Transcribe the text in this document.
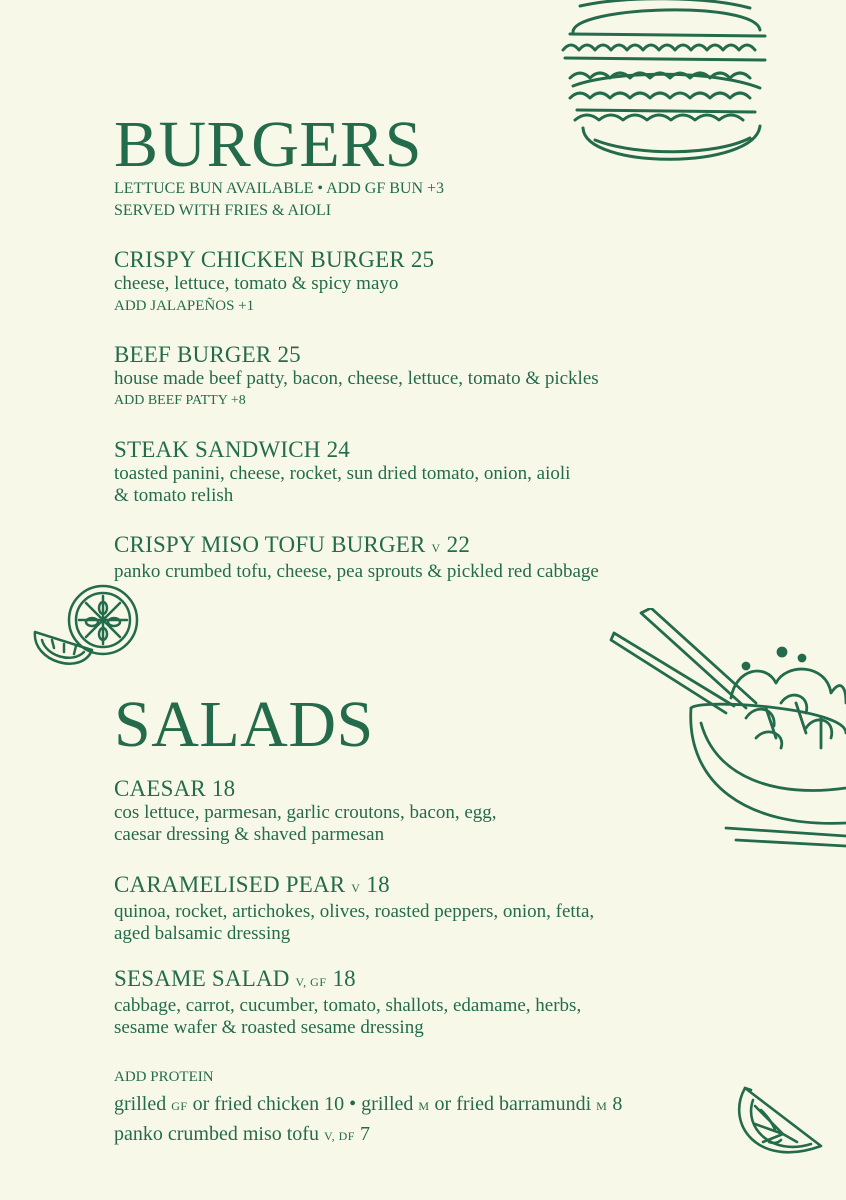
BURGERS
LETTUCE BUN AVAILABLE • ADD GF BUN +3
SERVED WITH FRIES & AIOLI
CRISPY CHICKEN BURGER 25
cheese, lettuce, tomato & spicy mayo
ADD JALAPEÑOS +1
BEEF BURGER 25
house made beef patty, bacon, cheese, lettuce, tomato & pickles
ADD BEEF PATTY +8
STEAK SANDWICH 24
toasted panini, cheese, rocket, sun dried tomato, onion, aioli
& tomato relish
CRISPY MISO TOFU BURGER V 22
panko crumbed tofu, cheese, pea sprouts & pickled red cabbage
SALADS
CAESAR 18
cos lettuce, parmesan, garlic croutons, bacon, egg,
caesar dressing & shaved parmesan
CARAMELISED PEAR V 18
quinoa, rocket, artichokes, olives, roasted peppers, onion, fetta,
aged balsamic dressing
SESAME SALAD V, GF 18
cabbage, carrot, cucumber, tomato, shallots, edamame, herbs,
sesame wafer & roasted sesame dressing
ADD PROTEIN
grilled GF or fried chicken 10 • grilled M or fried barramundi M 8
panko crumbed miso tofu V, DF 7
